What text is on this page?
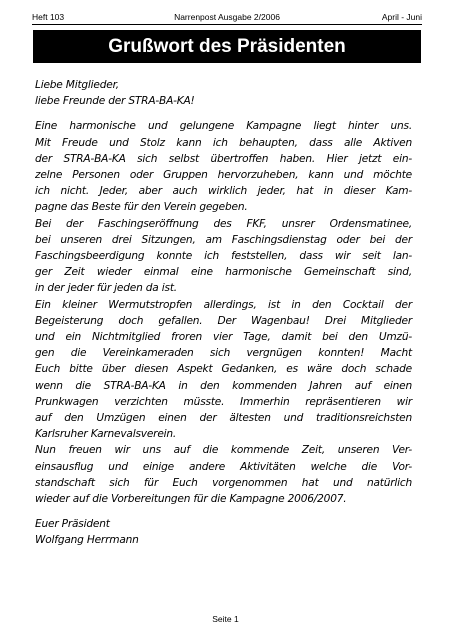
Heft 103	Narrenpost Ausgabe 2/2006	April - Juni
Grußwort des Präsidenten

Liebe Mitglieder,
liebe Freunde der STRA-BA-KA!

Eine harmonische und gelungene Kampagne liegt hinter uns.
Mit Freude und Stolz kann ich behaupten, dass alle Aktiven
der STRA-BA-KA sich selbst übertroffen haben. Hier jetzt ein-
zelne Personen oder Gruppen hervorzuheben, kann und möchte
ich nicht. Jeder, aber auch wirklich jeder, hat in dieser Kam-
pagne das Beste für den Verein gegeben.
Bei der Faschingseröffnung des FKF, unsrer Ordensmatinee,
bei unseren drei Sitzungen, am Faschingsdienstag oder bei der
Faschingsbeerdigung konnte ich feststellen, dass wir seit lan-
ger Zeit wieder einmal eine harmonische Gemeinschaft sind,
in der jeder für jeden da ist.
Ein kleiner Wermutstropfen allerdings, ist in den Cocktail der
Begeisterung doch gefallen. Der Wagenbau! Drei Mitglieder
und ein Nichtmitglied froren vier Tage, damit bei den Umzü-
gen die Vereinkameraden sich vergnügen konnten! Macht
Euch bitte über diesen Aspekt Gedanken, es wäre doch schade
wenn die STRA-BA-KA in den kommenden Jahren auf einen
Prunkwagen verzichten müsste. Immerhin repräsentieren wir
auf den Umzügen einen der ältesten und traditionsreichsten
Karlsruher Karnevalsverein.
Nun freuen wir uns auf die kommende Zeit, unseren Ver-
einsausflug und einige andere Aktivitäten welche die Vor-
standschaft sich für Euch vorgenommen hat und natürlich
wieder auf die Vorbereitungen für die Kampagne 2006/2007.

Euer Präsident
Wolfgang Herrmann

Seite 1
